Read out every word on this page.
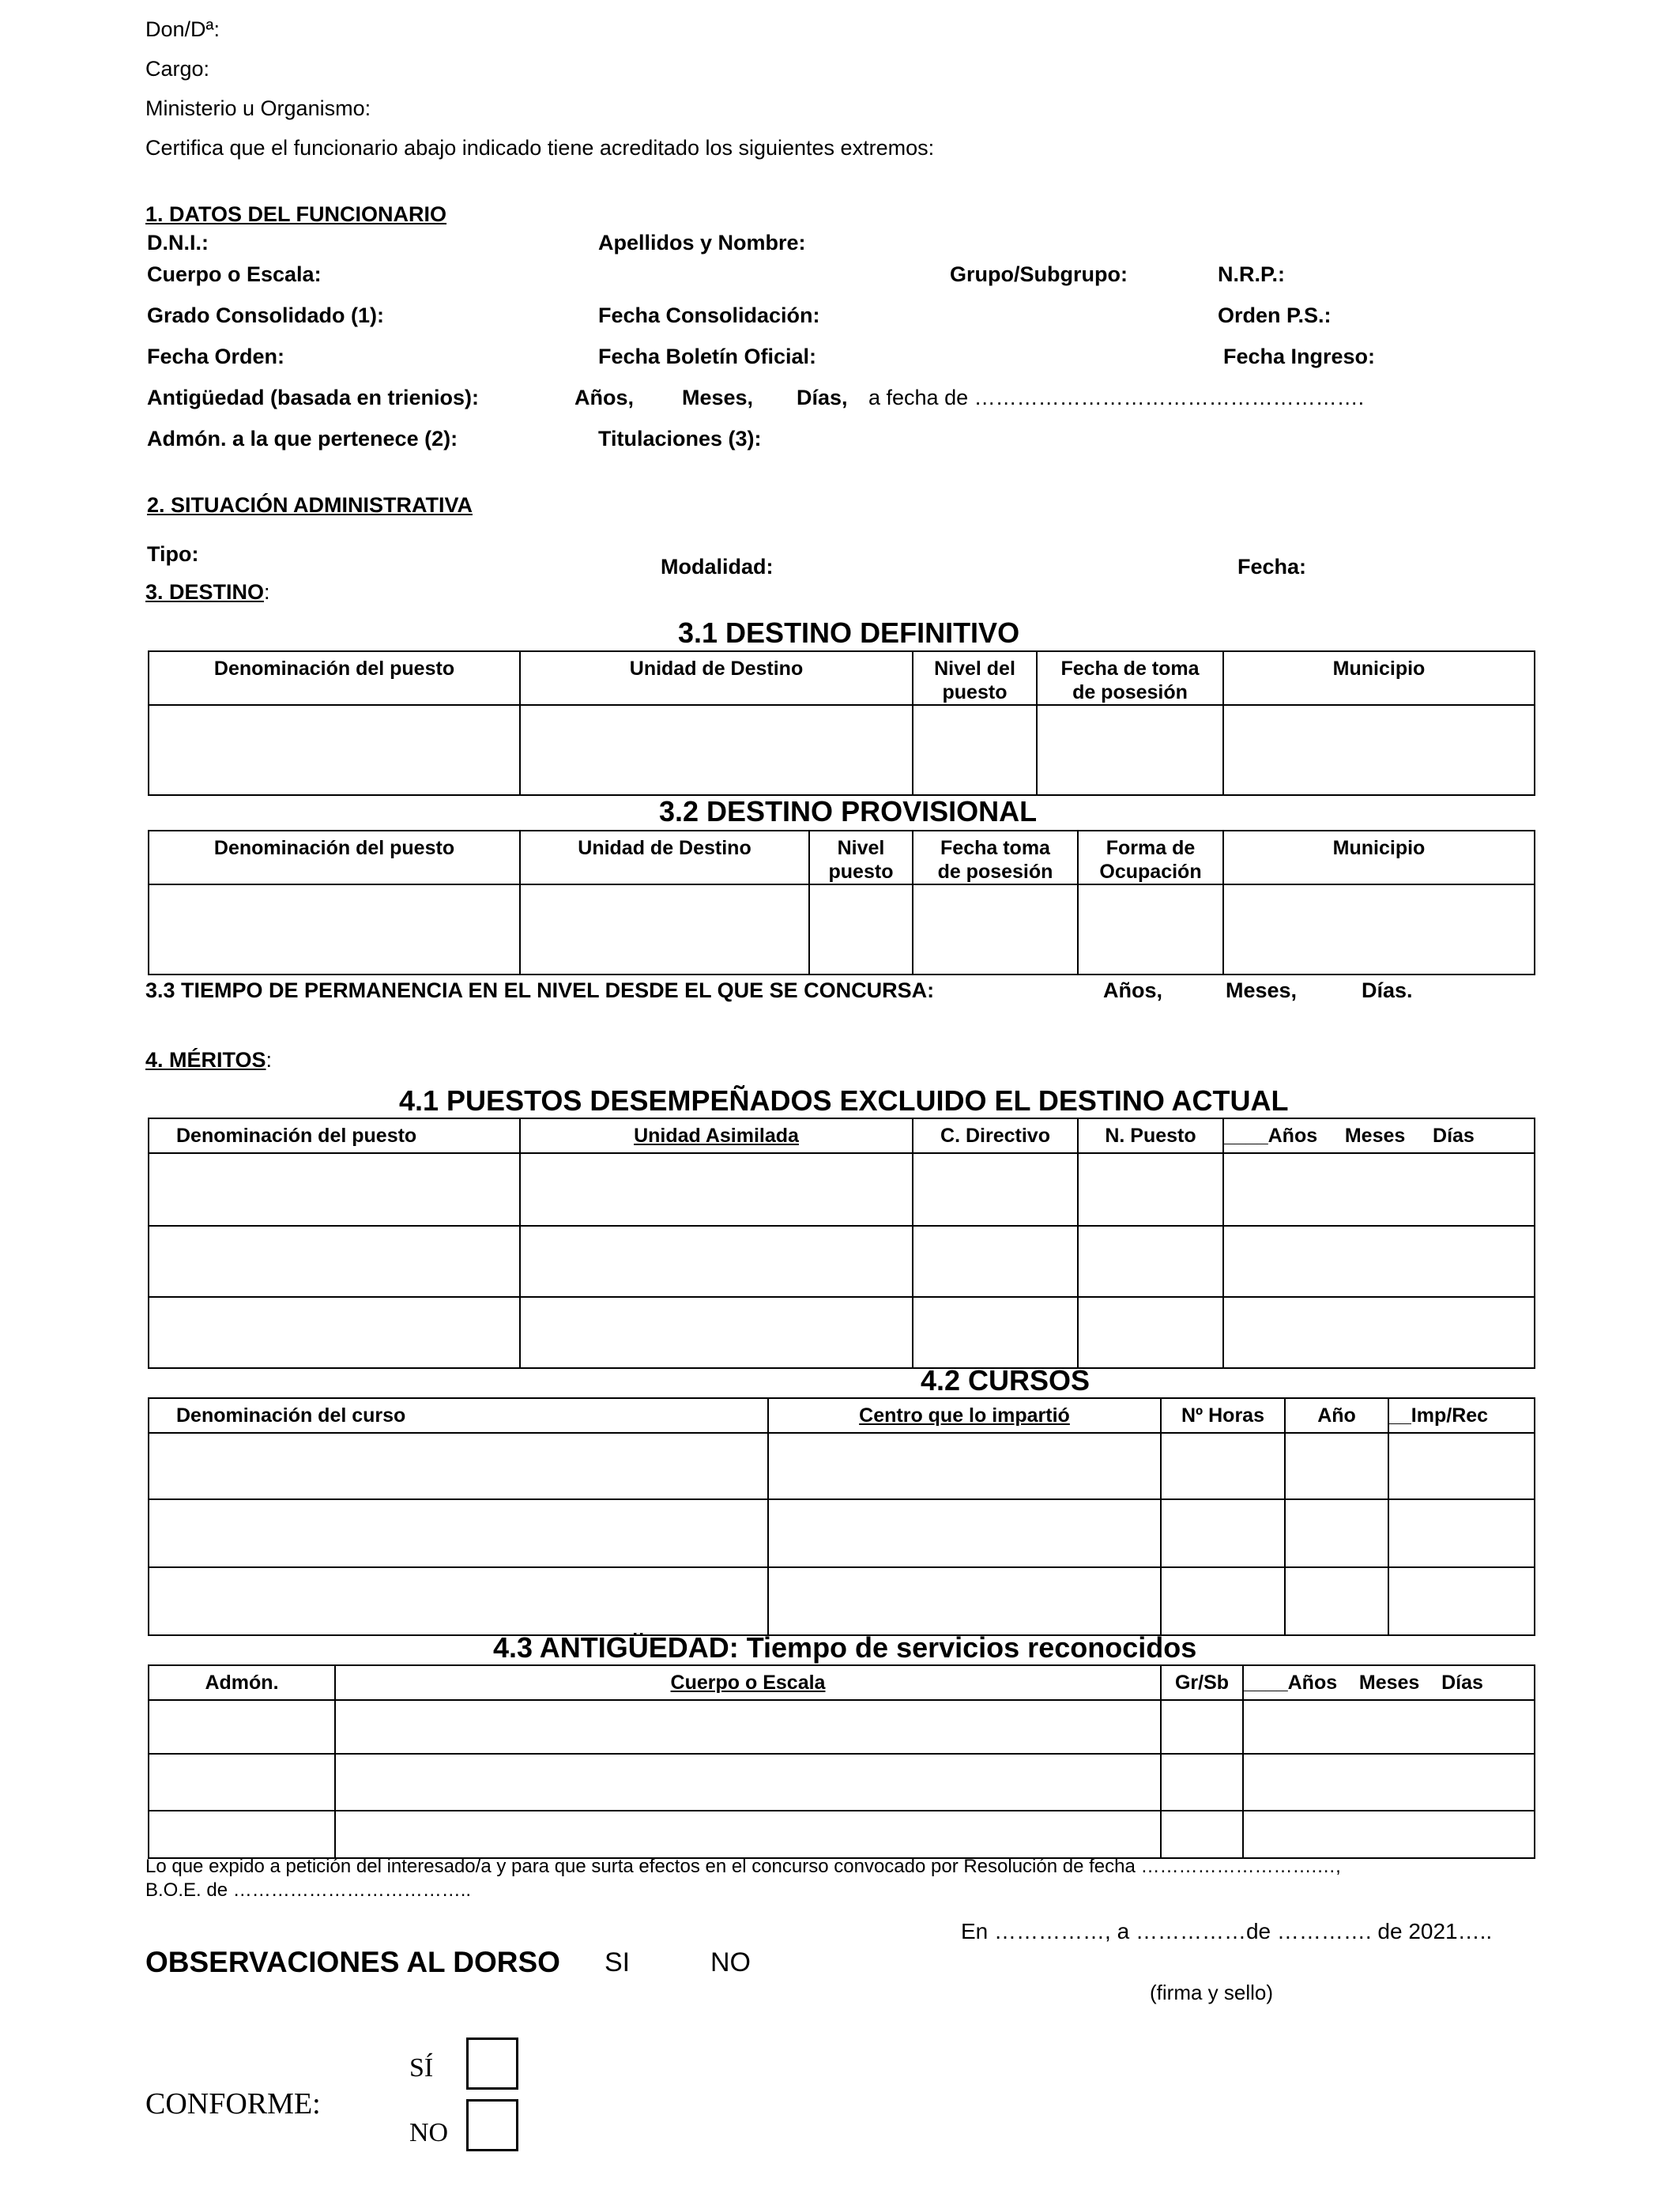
Don/Dª:
Cargo:
Ministerio u Organismo:
Certifica que el funcionario abajo indicado tiene acreditado los siguientes extremos:
1. DATOS DEL FUNCIONARIO
D.N.I.:	Apellidos y Nombre:
Cuerpo o Escala:	Grupo/Subgrupo:	N.R.P.:
Grado Consolidado (1):	Fecha Consolidación:	Orden P.S.:
Fecha Orden:	Fecha Boletín Oficial:	Fecha Ingreso:
Antigüedad (basada en trienios):	Años, Meses, Días, a fecha de ……………………………………………….
Admón. a la que pertenece (2):	Titulaciones (3):
2. SITUACIÓN ADMINISTRATIVA
Tipo:
Modalidad:	Fecha:
3. DESTINO:
3.1 DESTINO DEFINITIVO
Denominación del puesto	Unidad de Destino	Nivel del puesto	Fecha de toma de posesión	Municipio

3.2 DESTINO PROVISIONAL
Denominación del puesto	Unidad de Destino	Nivel puesto	Fecha toma de posesión	Forma de Ocupación	Municipio

3.3 TIEMPO DE PERMANENCIA EN EL NIVEL DESDE EL QUE SE CONCURSA:	Años,	Meses,	Días.
4. MÉRITOS:
4.1 PUESTOS DESEMPEÑADOS EXCLUIDO EL DESTINO ACTUAL
Denominación del puesto	Unidad Asimilada	C. Directivo	N. Puesto	____Años     Meses     Días

4.2 CURSOS
Denominación del curso	Centro que lo impartió	Nº Horas	Año	__Imp/Rec

4.3 ANTIGÜEDAD: Tiempo de servicios reconocidos
Admón.	Cuerpo o Escala	Gr/Sb	____Años    Meses    Días

Lo que expido a petición del interesado/a y para que surta efectos en el concurso convocado por Resolución de fecha ……………………….…,
B.O.E. de ………………………………..
En ……………, a ……………de …………. de 2021…..
OBSERVACIONES AL DORSO SI	NO
(firma y sello)
SÍ
CONFORME:
NO
